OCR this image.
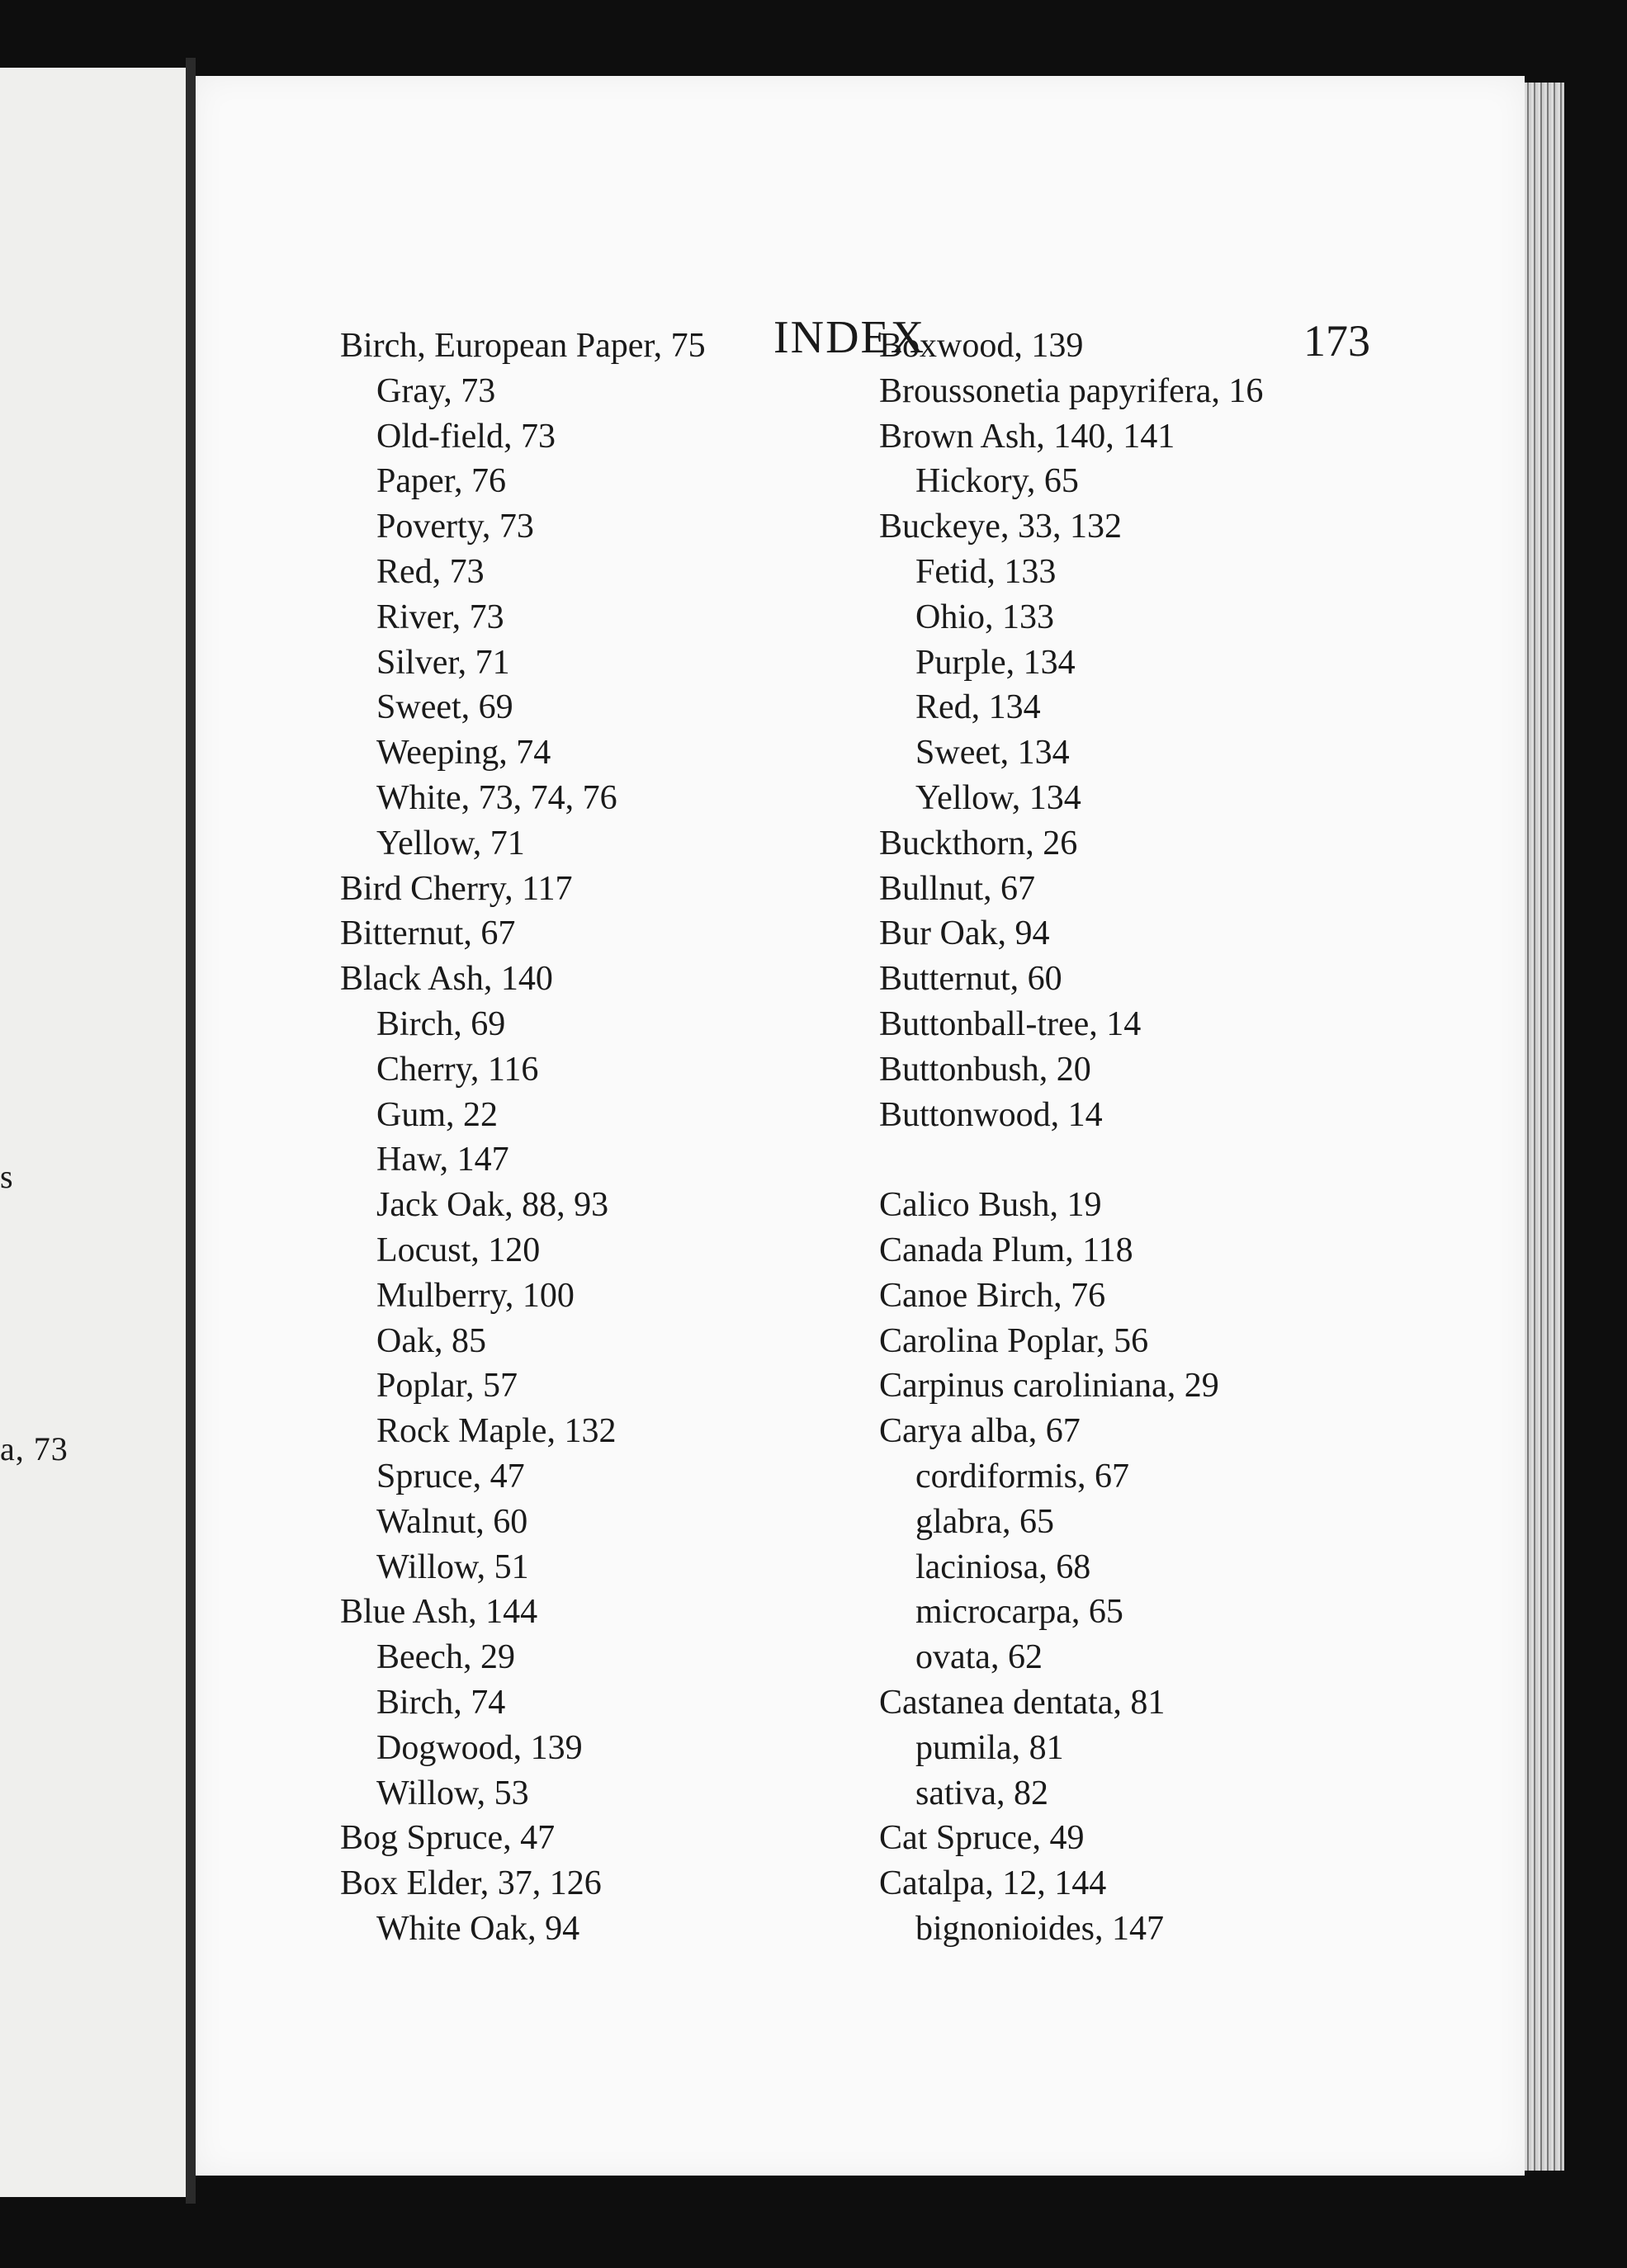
s
a, 73
INDEX	173
Birch, European Paper, 75
Gray, 73
Old-field, 73
Paper, 76
Poverty, 73
Red, 73
River, 73
Silver, 71
Sweet, 69
Weeping, 74
White, 73, 74, 76
Yellow, 71
Bird Cherry, 117
Bitternut, 67
Black Ash, 140
Birch, 69
Cherry, 116
Gum, 22
Haw, 147
Jack Oak, 88, 93
Locust, 120
Mulberry, 100
Oak, 85
Poplar, 57
Rock Maple, 132
Spruce, 47
Walnut, 60
Willow, 51
Blue Ash, 144
Beech, 29
Birch, 74
Dogwood, 139
Willow, 53
Bog Spruce, 47
Box Elder, 37, 126
White Oak, 94
Boxwood, 139
Broussonetia papyrifera, 16
Brown Ash, 140, 141
Hickory, 65
Buckeye, 33, 132
Fetid, 133
Ohio, 133
Purple, 134
Red, 134
Sweet, 134
Yellow, 134
Buckthorn, 26
Bullnut, 67
Bur Oak, 94
Butternut, 60
Buttonball-tree, 14
Buttonbush, 20
Buttonwood, 14
Calico Bush, 19
Canada Plum, 118
Canoe Birch, 76
Carolina Poplar, 56
Carpinus caroliniana, 29
Carya alba, 67
cordiformis, 67
glabra, 65
laciniosa, 68
microcarpa, 65
ovata, 62
Castanea dentata, 81
pumila, 81
sativa, 82
Cat Spruce, 49
Catalpa, 12, 144
bignonioides, 147
